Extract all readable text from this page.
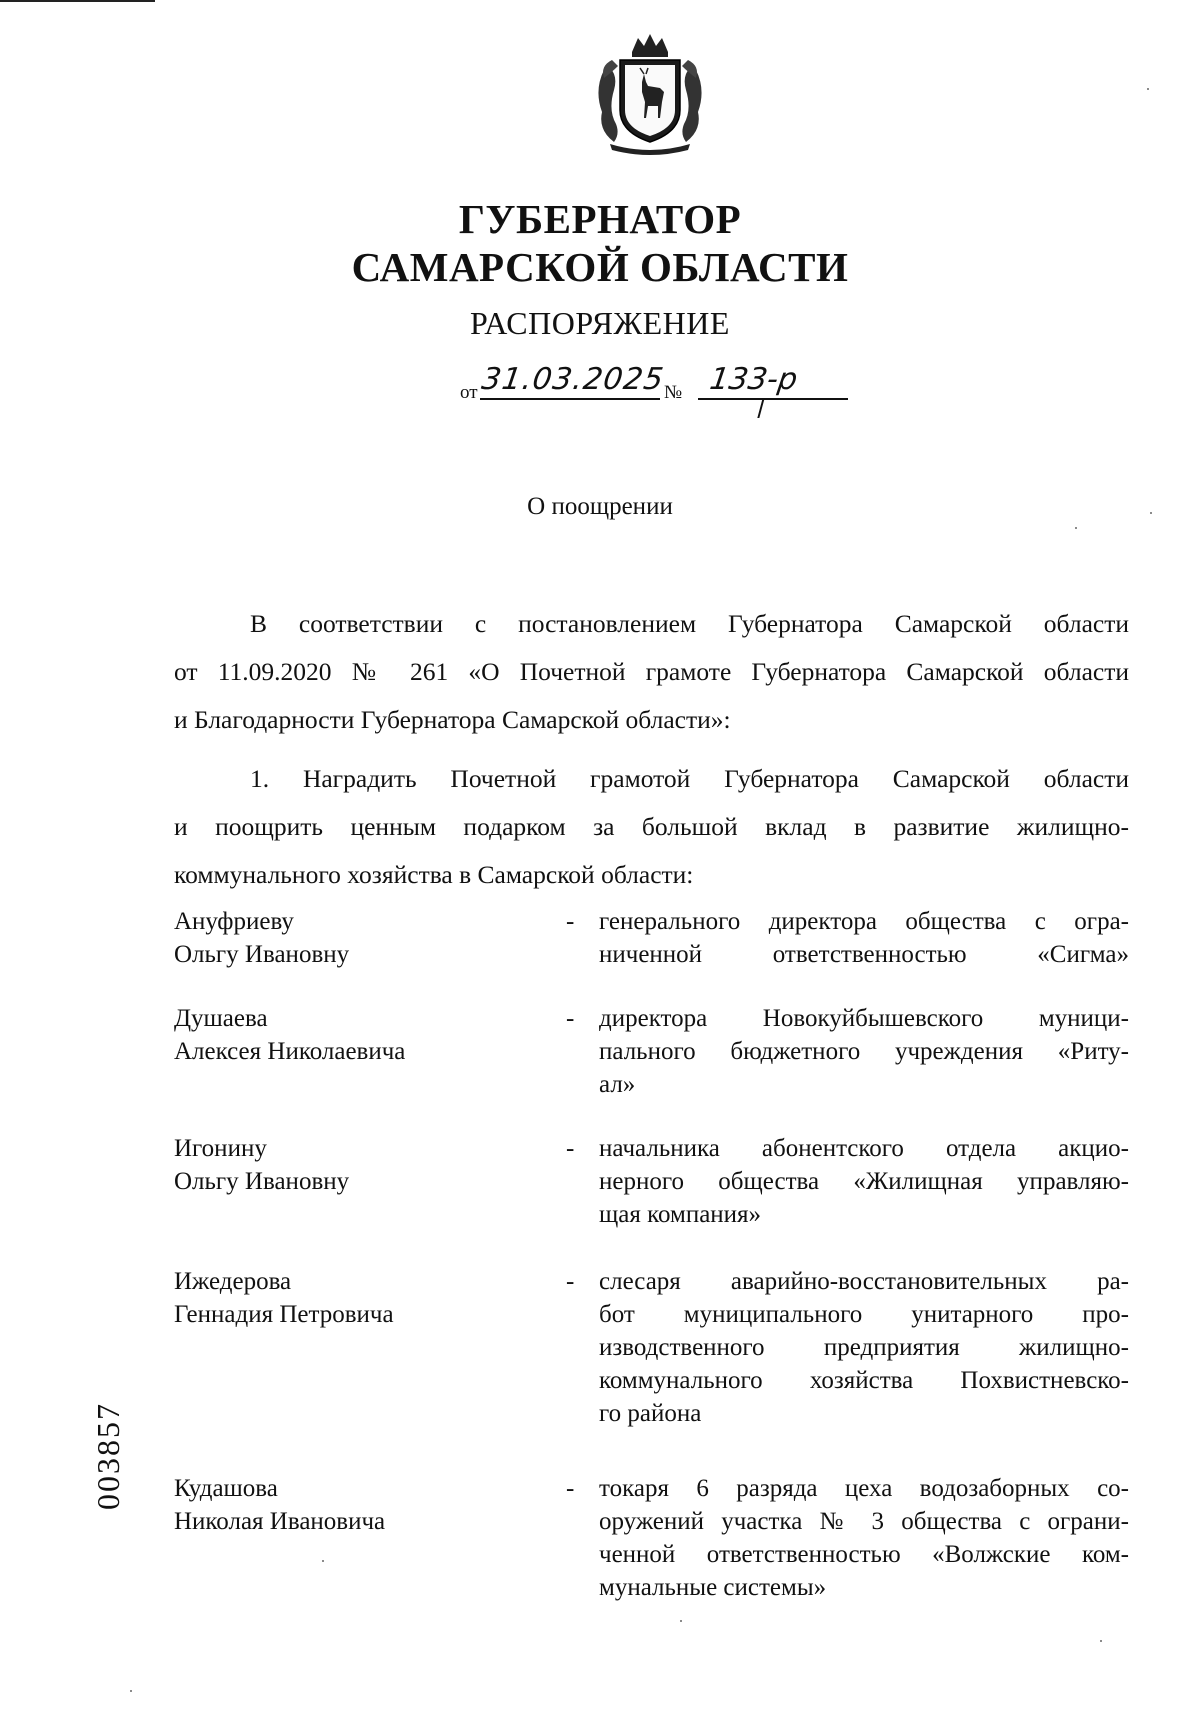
ГУБЕРНАТОР
САМАРСКОЙ ОБЛАСТИ
РАСПОРЯЖЕНИЕ
от 31.03.2025
№ 133-р
О поощрении
В соответствии с постановлением Губернатора Самарской области
от 11.09.2020 № 261 «О Почетной грамоте Губернатора Самарской области
и Благодарности Губернатора Самарской области»:
1. Наградить Почетной грамотой Губернатора Самарской области
и поощрить ценным подарком за большой вклад в развитие жилищно-
коммунального хозяйства в Самарской области:
Ануфриеву
Ольгу Ивановну
- генерального директора общества с огра-
ниченной ответственностью «Сигма»
Душаева
Алексея Николаевича
- директора Новокуйбышевского муници-
пального бюджетного учреждения «Риту-
ал»
Игонину
Ольгу Ивановну
- начальника абонентского отдела акцио-
нерного общества «Жилищная управляю-
щая компания»
Ижедерова
Геннадия Петровича
- слесаря аварийно-восстановительных ра-
бот муниципального унитарного про-
изводственного предприятия жилищно-
коммунального хозяйства Похвистневско-
го района
Кудашова
Николая Ивановича
- токаря 6 разряда цеха водозаборных со-
оружений участка № 3 общества с ограни-
ченной ответственностью «Волжские ком-
мунальные системы»
003857
